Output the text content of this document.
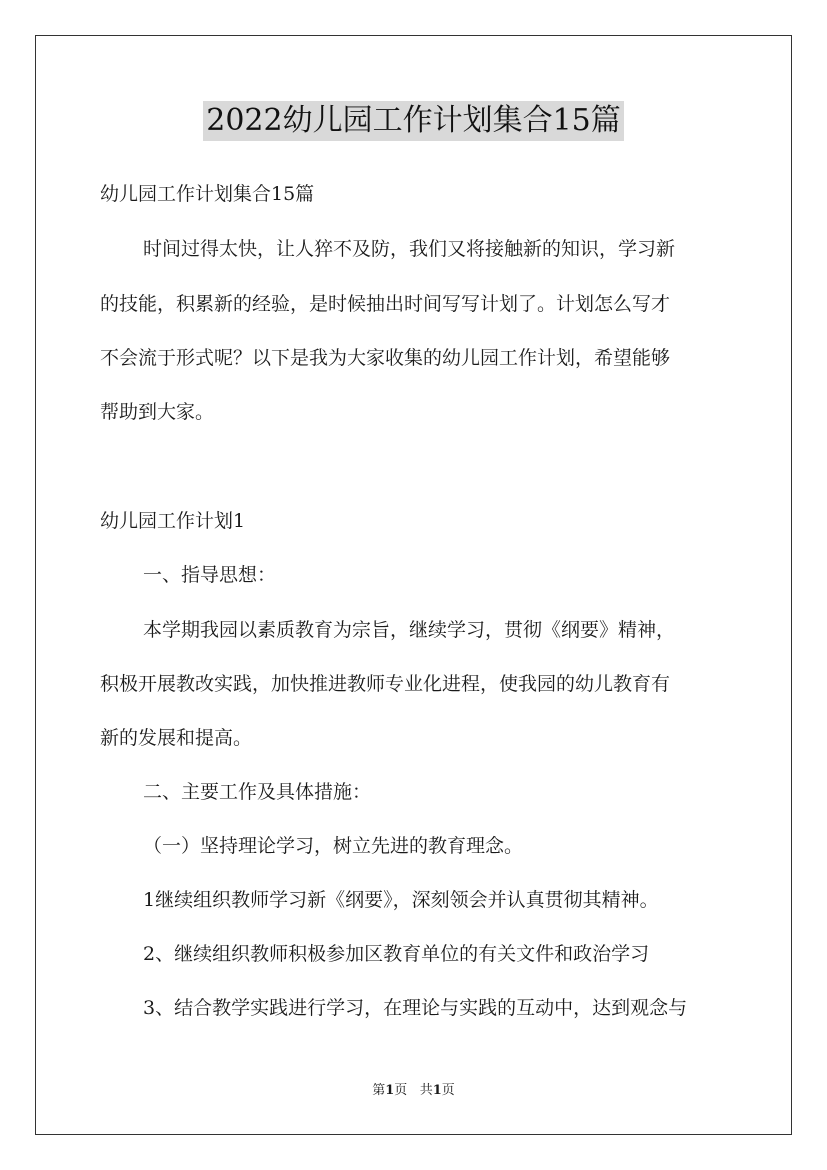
2022幼儿园工作计划集合15篇
幼儿园工作计划集合15篇
时间过得太快，让人猝不及防，我们又将接触新的知识，学习新
的技能，积累新的经验，是时候抽出时间写写计划了。计划怎么写才
不会流于形式呢？以下是我为大家收集的幼儿园工作计划，希望能够
帮助到大家。
幼儿园工作计划1
一、指导思想：
本学期我园以素质教育为宗旨，继续学习，贯彻《纲要》精神，
积极开展教改实践，加快推进教师专业化进程，使我园的幼儿教育有
新的发展和提高。
二、主要工作及具体措施：
（一）坚持理论学习，树立先进的教育理念。
1继续组织教师学习新《纲要》，深刻领会并认真贯彻其精神。
2、继续组织教师积极参加区教育单位的有关文件和政治学习
3、结合教学实践进行学习，在理论与实践的互动中，达到观念与
第1页 共1页
